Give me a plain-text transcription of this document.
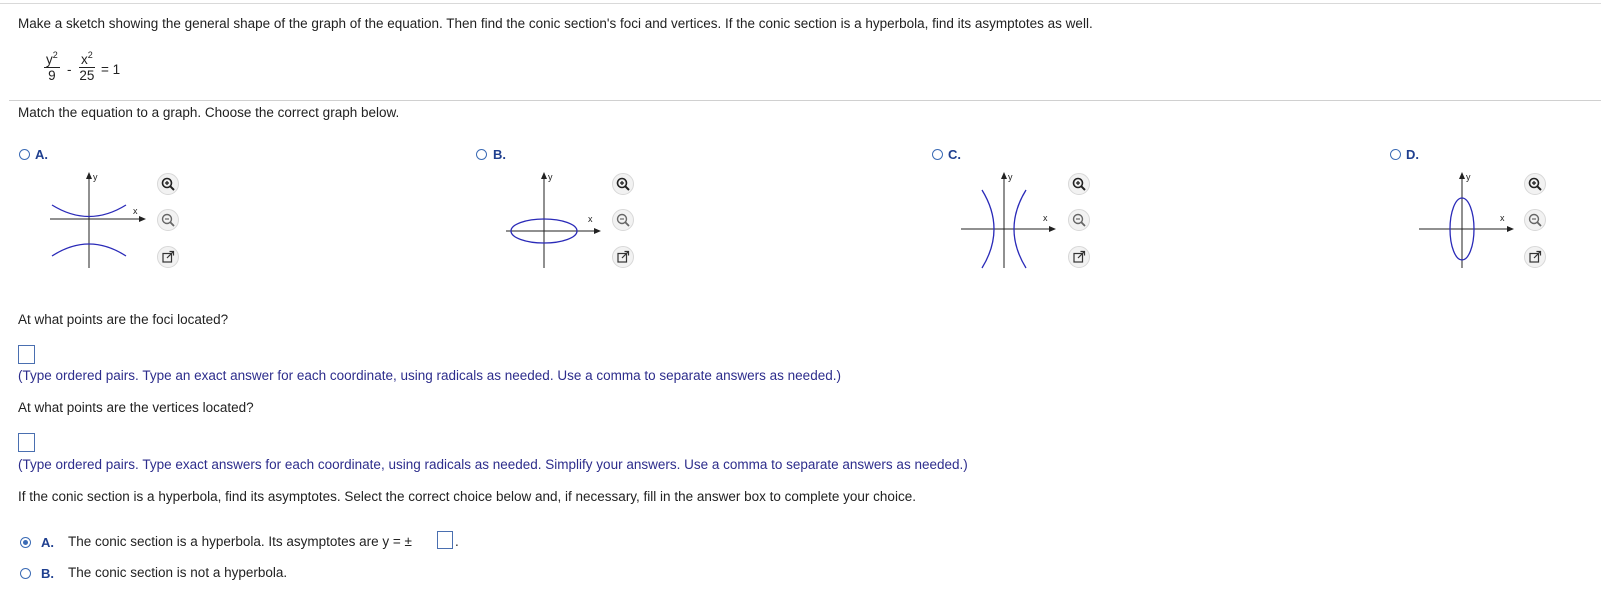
Make a sketch showing the general shape of the graph of the equation. Then find the conic section's foci and vertices. If the conic section is a hyperbola, find its asymptotes as well.
$y^2$
9 -
$x^2$
25 = 1
Match the equation to a graph. Choose the correct graph below.
A.
y
x
B.
y
x
C.
y
x
D.
y
x
At what points are the foci located?
(Type ordered pairs. Type an exact answer for each coordinate, using radicals as needed. Use a comma to separate answers as needed.)
At what points are the vertices located?
(Type ordered pairs. Type exact answers for each coordinate, using radicals as needed. Simplify your answers. Use a comma to separate answers as needed.)
If the conic section is a hyperbola, find its asymptotes. Select the correct choice below and, if necessary, fill in the answer box to complete your choice.
A. The conic section is a hyperbola. Its asymptotes are y = ±	.
B. The conic section is not a hyperbola.
